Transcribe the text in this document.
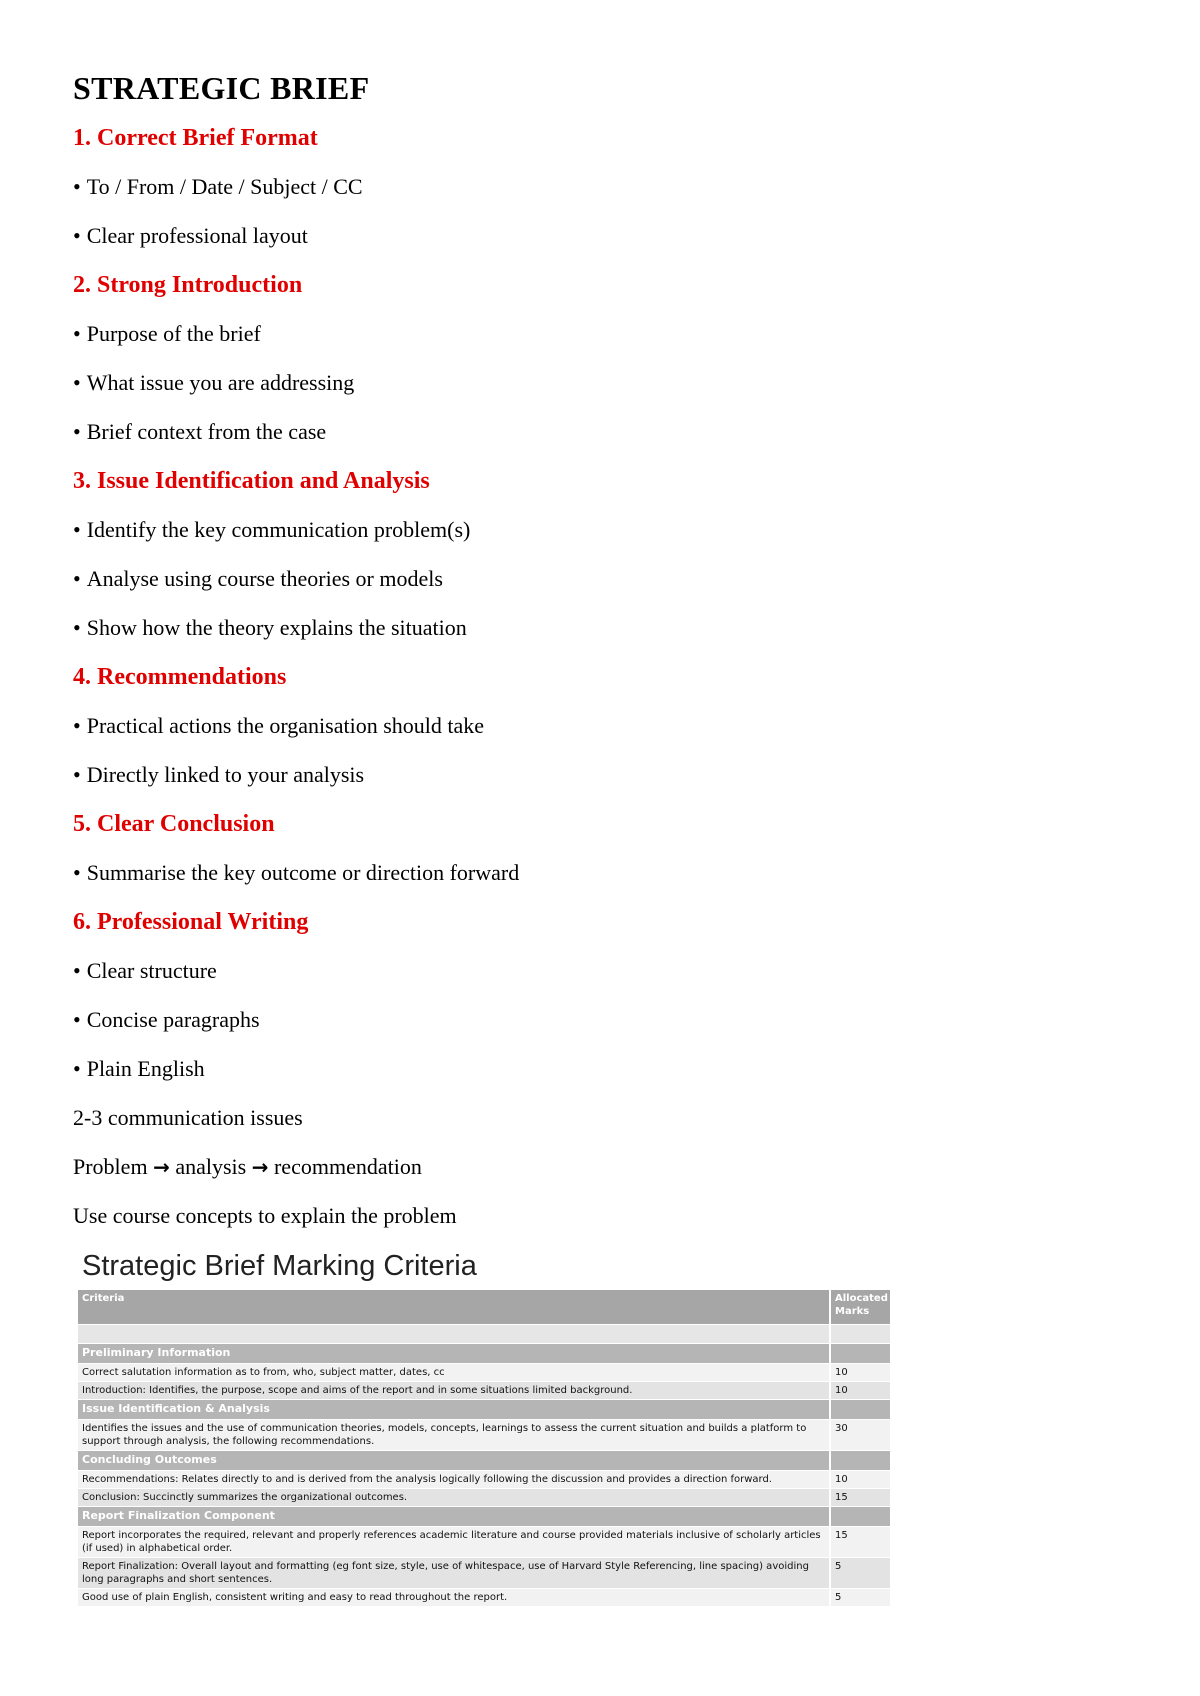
STRATEGIC BRIEF

1. Correct Brief Format

• To / From / Date / Subject / CC

• Clear professional layout

2. Strong Introduction

• Purpose of the brief

• What issue you are addressing

• Brief context from the case

3. Issue Identification and Analysis

• Identify the key communication problem(s)

• Analyse using course theories or models

• Show how the theory explains the situation

4. Recommendations

• Practical actions the organisation should take

• Directly linked to your analysis

5. Clear Conclusion

• Summarise the key outcome or direction forward

6. Professional Writing

• Clear structure

• Concise paragraphs

• Plain English

2-3 communication issues

Problem → analysis → recommendation

Use course concepts to explain the problem

Strategic Brief Marking Criteria
Criteria	Allocated Marks

Preliminary Information	
Correct salutation information as to from, who, subject matter, dates, cc	10
Introduction: Identifies, the purpose, scope and aims of the report and in some situations limited background.	10
Issue Identification & Analysis	
Identifies the issues and the use of communication theories, models, concepts, learnings to assess the current situation and builds a platform to support through analysis, the following recommendations.	30
Concluding Outcomes	
Recommendations: Relates directly to and is derived from the analysis logically following the discussion and provides a direction forward.	10
Conclusion: Succinctly summarizes the organizational outcomes.	15
Report Finalization Component	
Report incorporates the required, relevant and properly references academic literature and course provided materials inclusive of scholarly articles (if used) in alphabetical order.	15
Report Finalization: Overall layout and formatting (eg font size, style, use of whitespace, use of Harvard Style Referencing, line spacing) avoiding long paragraphs and short sentences.	5
Good use of plain English, consistent writing and easy to read throughout the report.	5
